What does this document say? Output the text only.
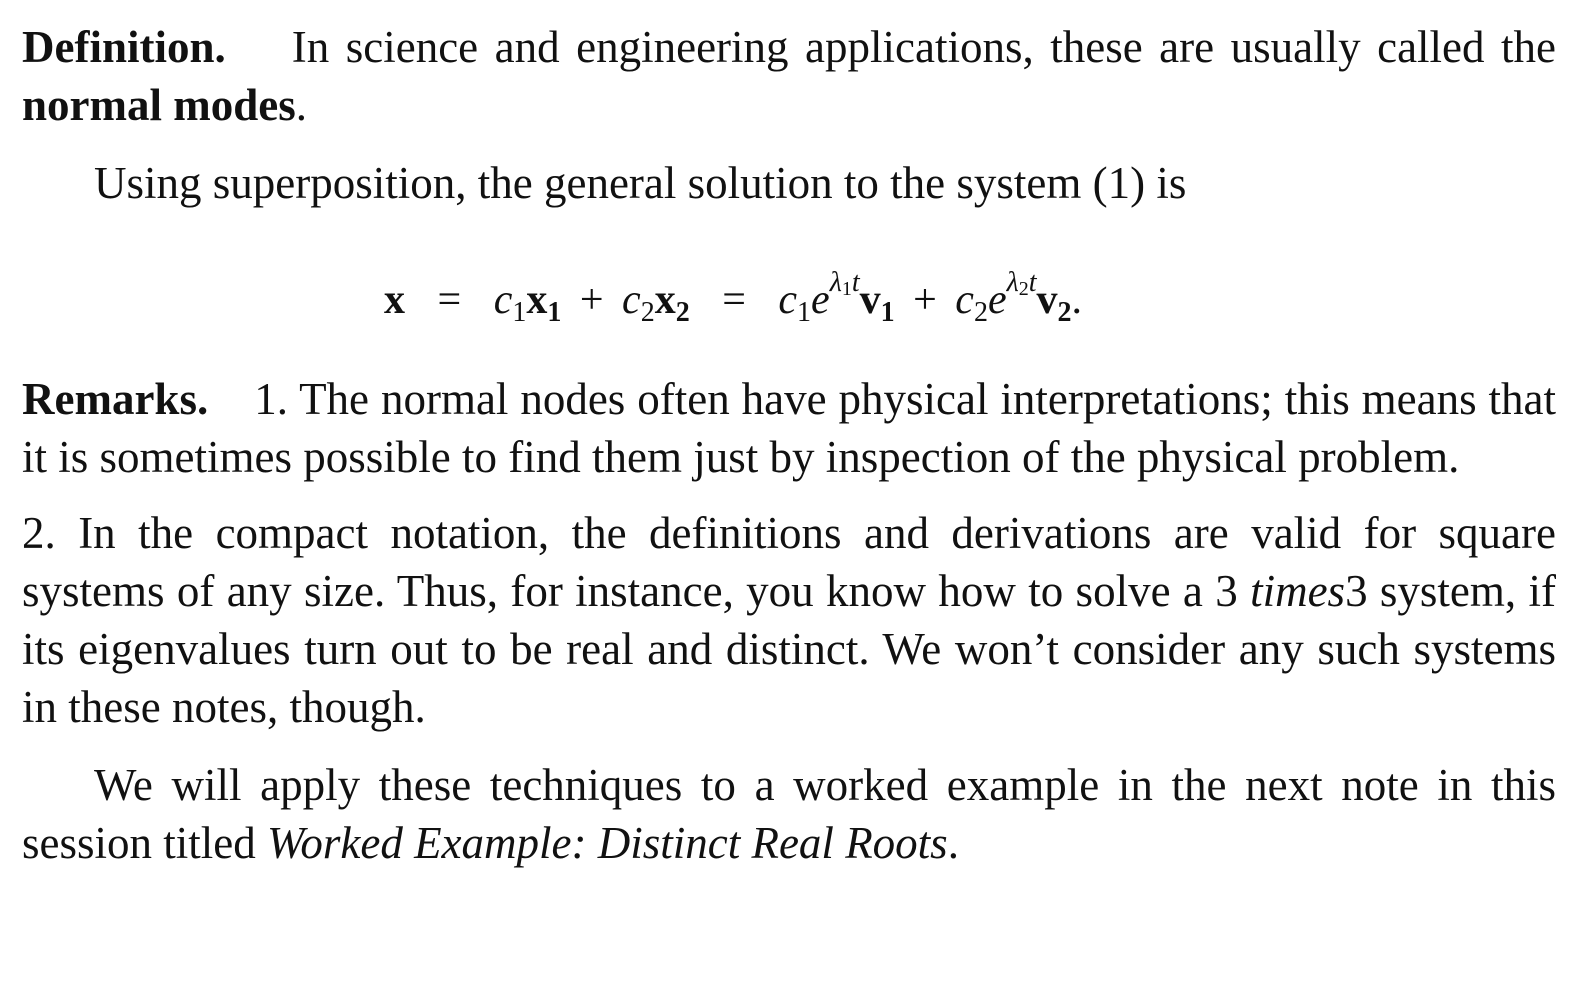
Definition. In science and engineering applications, these are usually called the normal modes.

Using superposition, the general solution to the system (1) is

$x = c_1x_1 + c_2x_2 = c_1e^{\lambda_1t}v_1 + c_2e^{\lambda_2t}v_2$.

Remarks. 1. The normal nodes often have physical interpretations; this means that it is sometimes possible to find them just by inspection of the physical problem.

2. In the compact notation, the definitions and derivations are valid for square systems of any size. Thus, for instance, you know how to solve a 3 times3 system, if its eigenvalues turn out to be real and distinct. We won’t consider any such systems in these notes, though.

We will apply these techniques to a worked example in the next note in this session titled Worked Example: Distinct Real Roots.
